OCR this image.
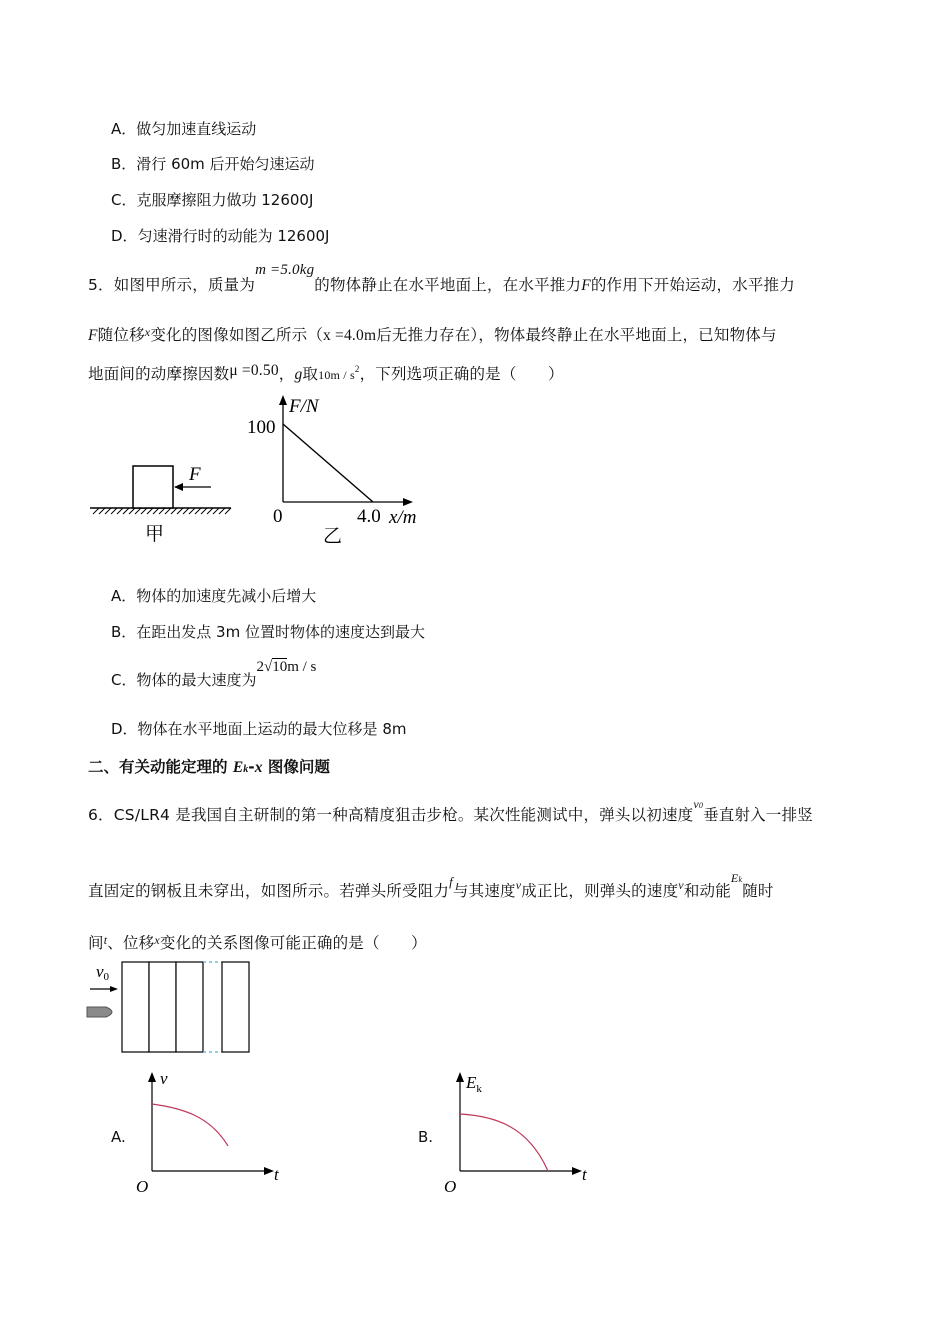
A．做匀加速直线运动
B．滑行 60m 后开始匀速运动
C．克服摩擦阻力做功 12600J
D．匀速滑行时的动能为 12600J
5．如图甲所示，质量为m =5.0kg的物体静止在水平地面上，在水平推力F的作用下开始运动，水平推力
F随位移$^x$变化的图像如图乙所示（x =4.0m后无推力存在），物体最终静止在水平地面上，已知物体与
地面间的动摩擦因数μ =0.50，g取$10m / s^2$，下列选项正确的是（　　）
F
甲
F/N
100
0	4.0 x/m
乙
A．物体的加速度先减小后增大
B．在距出发点 3m 位置时物体的速度达到最大
C．物体的最大速度为2√10m / s
D．物体在水平地面上运动的最大位移是 8m
二、有关动能定理的 Ek-x 图像问题
6．CS/LR4 是我国自主研制的第一种高精度狙击步枪。某次性能测试中，弹头以初速度$^{v0}$垂直射入一排竖
直固定的钢板且未穿出，如图所示。若弹头所受阻力$^f$与其速度$^v$成正比，则弹头的速度$^v$和动能$^{Ek}$随时
间$^t$、位移$^x$变化的关系图像可能正确的是（　　）
v0
A.
v
t
O
B.
$E_k$
t
O
